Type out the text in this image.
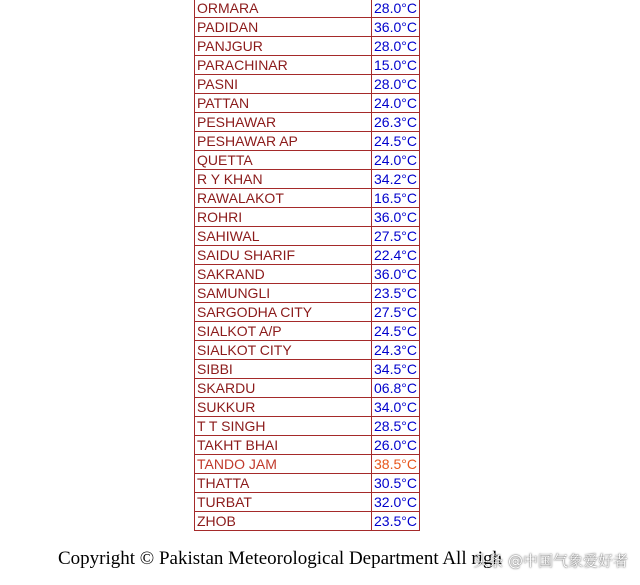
ORMARA	28.0°C
PADIDAN	36.0°C
PANJGUR	28.0°C
PARACHINAR	15.0°C
PASNI	28.0°C
PATTAN	24.0°C
PESHAWAR	26.3°C
PESHAWAR AP	24.5°C
QUETTA	24.0°C
R Y KHAN	34.2°C
RAWALAKOT	16.5°C
ROHRI	36.0°C
SAHIWAL	27.5°C
SAIDU SHARIF	22.4°C
SAKRAND	36.0°C
SAMUNGLI	23.5°C
SARGODHA CITY	27.5°C
SIALKOT A/P	24.5°C
SIALKOT CITY	24.3°C
SIBBI	34.5°C
SKARDU	06.8°C
SUKKUR	34.0°C
T T SINGH	28.5°C
TAKHT BHAI	26.0°C
TANDO JAM	38.5°C
THATTA	30.5°C
TURBAT	32.0°C
ZHOB	23.5°C
Copyright © Pakistan Meteorological Department All righ
头条 @中国气象爱好者
